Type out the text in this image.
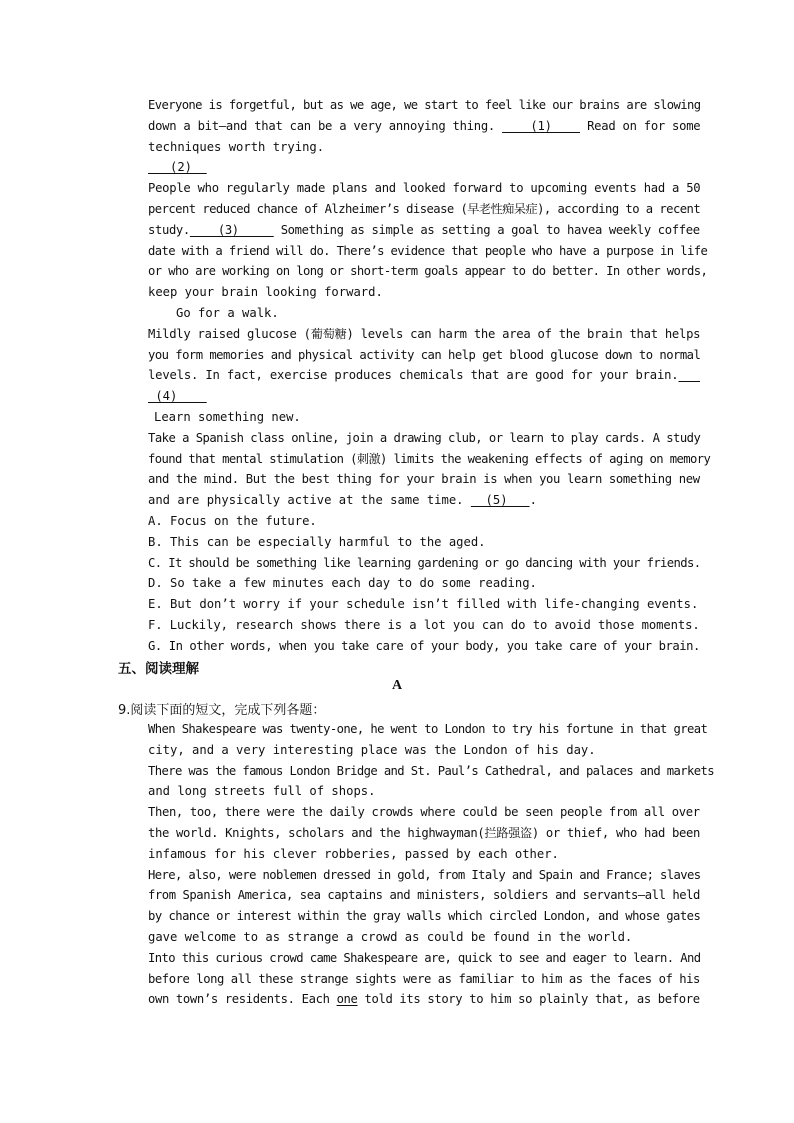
Everyone is forgetful, but as we age, we start to feel like our brains are slowing
down a bit—and that can be a very annoying thing.     (1)     Read on for some
techniques worth trying.
(2)
People who regularly made plans and looked forward to upcoming events had a 50
percent reduced chance of Alzheimer’s disease (早老性痴呆症), according to a recent
study.    (3)      Something as simple as setting a goal to havea weekly coffee
date with a friend will do. There’s evidence that people who have a purpose in life
or who are working on long or short-term goals appear to do better. In other words,
keep your brain looking forward.
Go for a walk.
Mildly raised glucose (葡萄糖) levels can harm the area of the brain that helps
you form memories and physical activity can help get blood glucose down to normal
levels. In fact, exercise produces chemicals that are good for your brain.
(4)
Learn something new.
Take a Spanish class online, join a drawing club, or learn to play cards. A study
found that mental stimulation (刺激) limits the weakening effects of aging on memory
and the mind. But the best thing for your brain is when you learn something new
and are physically active at the same time.   (5)   .
A. Focus on the future.
B. This can be especially harmful to the aged.
C. It should be something like learning gardening or go dancing with your friends.
D. So take a few minutes each day to do some reading.
E. But don’t worry if your schedule isn’t filled with life-changing events.
F. Luckily, research shows there is a lot you can do to avoid those moments.
G. In other words, when you take care of your body, you take care of your brain.
五、阅读理解
A
9.阅读下面的短文，完成下列各题：
When Shakespeare was twenty-one, he went to London to try his fortune in that great
city, and a very interesting place was the London of his day.
There was the famous London Bridge and St. Paul’s Cathedral, and palaces and markets
and long streets full of shops.
Then, too, there were the daily crowds where could be seen people from all over
the world. Knights, scholars and the highwayman(拦路强盗) or thief, who had been
infamous for his clever robberies, passed by each other.
Here, also, were noblemen dressed in gold, from Italy and Spain and France; slaves
from Spanish America, sea captains and ministers, soldiers and servants—all held
by chance or interest within the gray walls which circled London, and whose gates
gave welcome to as strange a crowd as could be found in the world.
Into this curious crowd came Shakespeare are, quick to see and eager to learn. And
before long all these strange sights were as familiar to him as the faces of his
own town’s residents. Each one told its story to him so plainly that, as before
